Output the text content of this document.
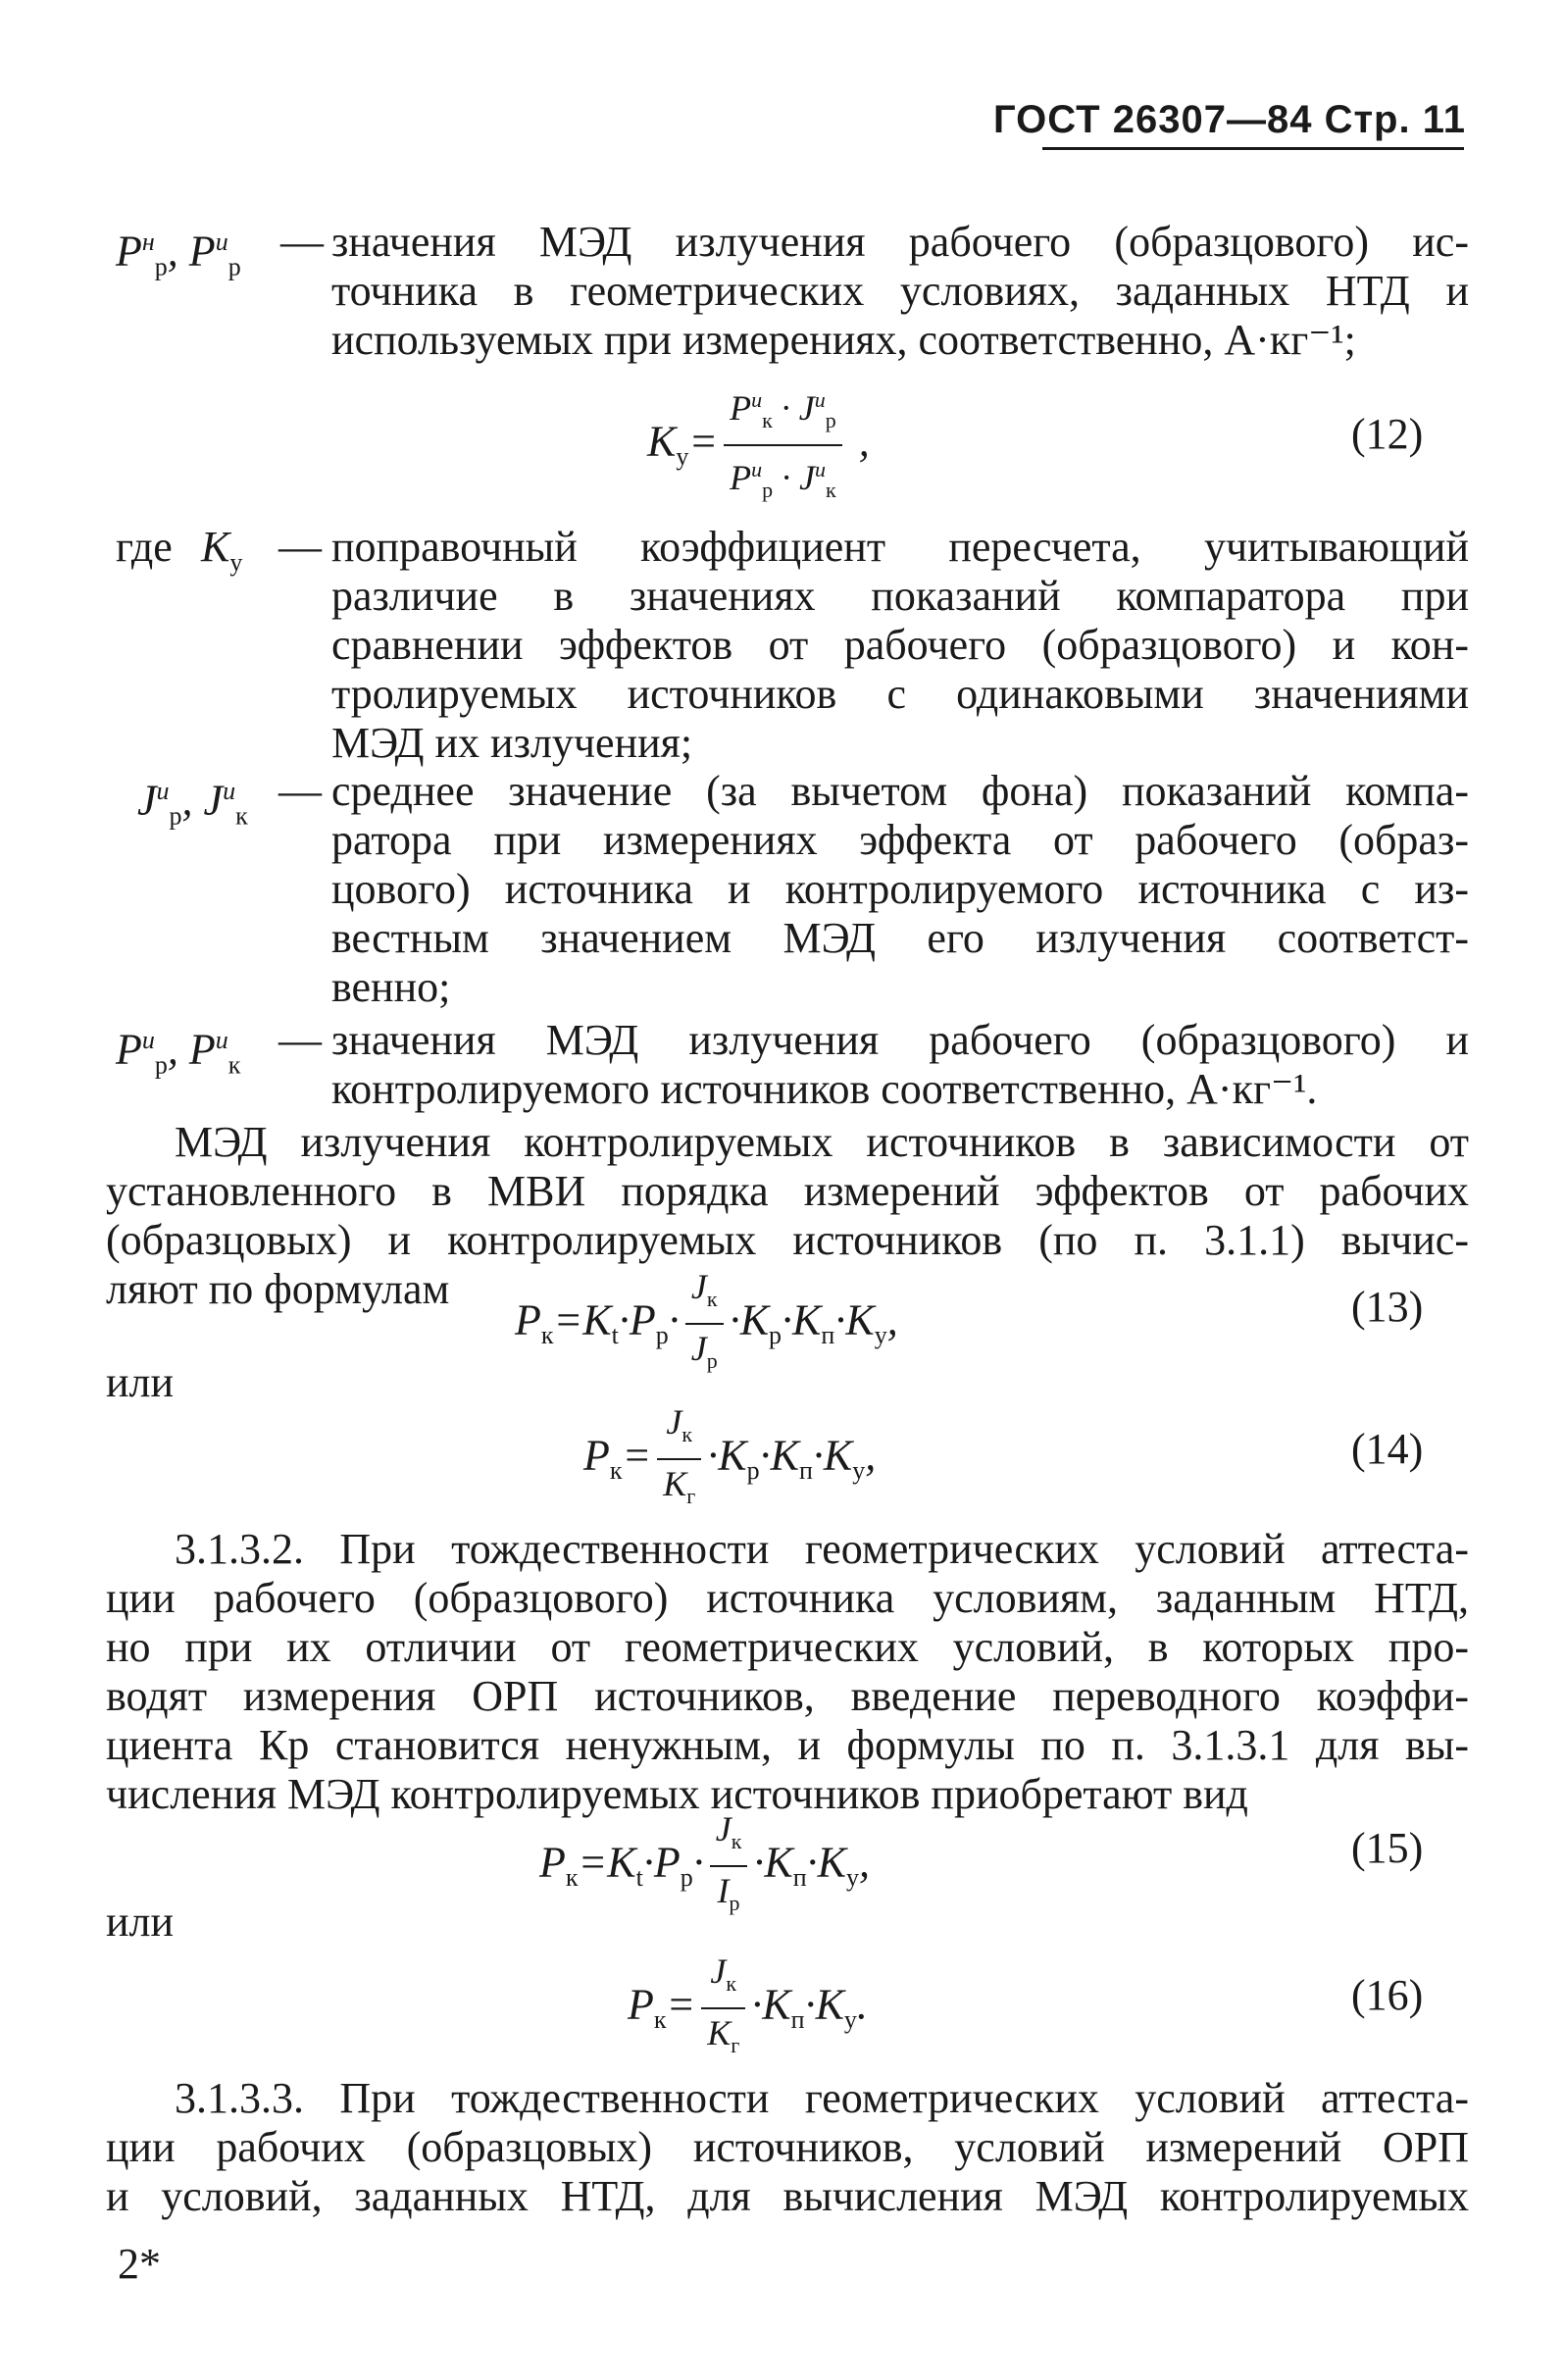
ГОСТ 26307—84 Стр. 11
$P^н_р$, $P^и_р$
— значения МЭД излучения рабочего (образцового) ис-
точника в геометрических условиях, заданных НТД и
используемых при измерениях, соответственно, А·кг⁻¹;
$K_у= \frac{P^и_к \cdot J^и_р}{P^и_р \cdot J^и_к}$ ,	(12)
где $K_у$ — поправочный коэффициент пересчета, учитывающий
различие в значениях показаний компаратора при
сравнении эффектов от рабочего (образцового) и кон-
тролируемых источников с одинаковыми значениями
МЭД их излучения;
$J^и_р$, $J^и_к$
— среднее значение (за вычетом фона) показаний компа-
ратора при измерениях эффекта от рабочего (образ-
цового) источника и контролируемого источника с из-
вестным значением МЭД его излучения соответст-
венно;
$P^и_р$, $P^и_к$
— значения МЭД излучения рабочего (образцового) и
контролируемого источников соответственно, А·кг⁻¹.
МЭД излучения контролируемых источников в зависимости от
установленного в МВИ порядка измерений эффектов от рабочих
(образцовых) и контролируемых источников (по п. 3.1.1) вычис-
ляют по формулам
$P_к=K_t\cdot P_р\cdot \frac{J_к}{J_р} \cdot K_р\cdot K_п\cdot K_у$,	(13)
или
$P_к= \frac{J_к}{K_г} \cdot K_р\cdot K_п\cdot K_у$,	(14)
3.1.3.2. При тождественности геометрических условий аттеста-
ции рабочего (образцового) источника условиям, заданным НТД,
но при их отличии от геометрических условий, в которых про-
водят измерения ОРП источников, введение переводного коэффи-
циента Кр становится ненужным, и формулы по п. 3.1.3.1 для вы-
числения МЭД контролируемых источников приобретают вид
$P_к=K_t\cdot P_р\cdot \frac{J_к}{I_р} \cdot K_п\cdot K_у$,	(15)
или
$P_к= \frac{J_к}{K_г} \cdot K_п\cdot K_у$.	(16)
3.1.3.3. При тождественности геометрических условий аттеста-
ции рабочих (образцовых) источников, условий измерений ОРП
и условий, заданных НТД, для вычисления МЭД контролируемых
2*
